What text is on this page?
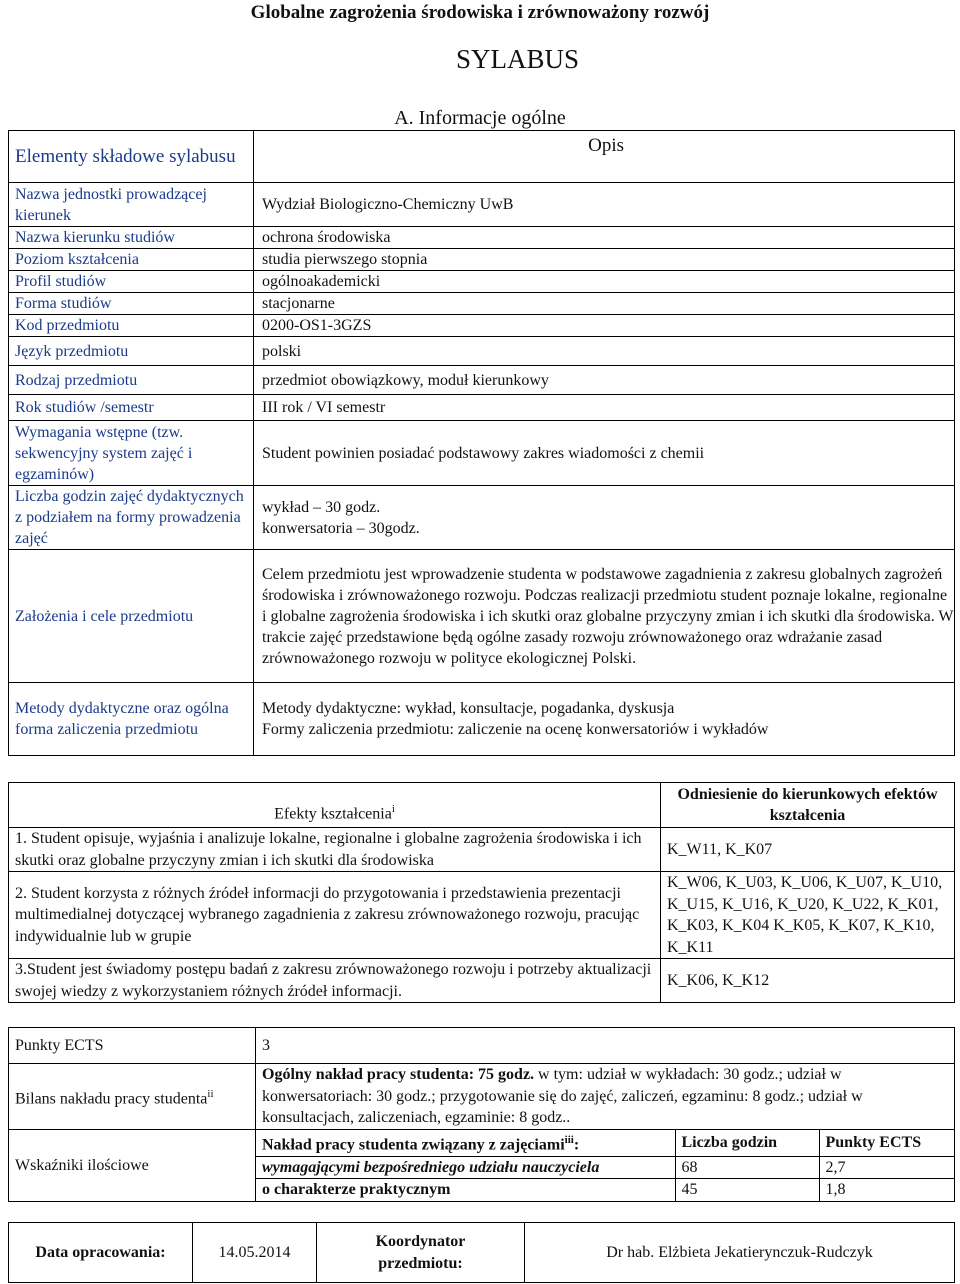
Globalne zagrożenia środowiska i zrównoważony rozwój
SYLABUS
A. Informacje ogólne
Elementy składowe sylabusu	Opis
Nazwa jednostki prowadzącej kierunek	Wydział Biologiczno-Chemiczny UwB
Nazwa kierunku studiów	ochrona środowiska
Poziom kształcenia	studia pierwszego stopnia
Profil studiów	ogólnoakademicki
Forma studiów	stacjonarne
Kod przedmiotu	0200-OS1-3GZS
Język przedmiotu	polski
Rodzaj przedmiotu	przedmiot obowiązkowy, moduł kierunkowy
Rok studiów /semestr	III rok / VI semestr
Wymagania wstępne (tzw. sekwencyjny system zajęć i egzaminów)	Student powinien posiadać podstawowy zakres wiadomości z chemii
Liczba godzin zajęć dydaktycznych z podziałem na formy prowadzenia zajęć	wykład – 30 godz.
konwersatoria – 30godz.

Założenia i cele przedmiotu	Celem przedmiotu jest wprowadzenie studenta w podstawowe zagadnienia z zakresu globalnych zagrożeń środowiska i zrównoważonego rozwoju. Podczas realizacji przedmiotu student poznaje lokalne, regionalne i globalne zagrożenia środowiska i ich skutki oraz globalne przyczyny zmian i ich skutki dla środowiska. W trakcie zajęć przedstawione będą ogólne zasady rozwoju zrównoważonego oraz wdrażanie zasad zrównoważonego rozwoju w polityce ekologicznej Polski.
Metody dydaktyczne oraz ogólna forma zaliczenia przedmiotu	Metody dydaktyczne: wykład, konsultacje, pogadanka, dyskusja
Formy zaliczenia przedmiotu: zaliczenie na ocenę konwersatoriów i wykładów
Efekty kształcenia$^i$	Odniesienie do kierunkowych efektów kształcenia
1. Student opisuje, wyjaśnia i analizuje lokalne, regionalne i globalne zagrożenia środowiska i ich skutki oraz globalne przyczyny zmian i ich skutki dla środowiska	K_W11, K_K07
2. Student korzysta z różnych źródeł informacji do przygotowania i przedstawienia prezentacji multimedialnej dotyczącej wybranego zagadnienia z zakresu zrównoważonego rozwoju, pracując indywidualnie lub w grupie	K_W06, K_U03, K_U06, K_U07, K_U10, K_U15, K_U16, K_U20, K_U22, K_K01, K_K03, K_K04 K_K05, K_K07, K_K10, K_K11
3.Student jest świadomy postępu badań z zakresu zrównoważonego rozwoju i potrzeby aktualizacji swojej wiedzy z wykorzystaniem różnych źródeł informacji.	K_K06, K_K12
Punkty ECTS	3
Bilans nakładu pracy studenta$^{ii}$	Ogólny nakład pracy studenta: 75 godz. w tym: udział w wykładach: 30 godz.; udział w konwersatoriach: 30 godz.; przygotowanie się do zajęć, zaliczeń, egzaminu: 8 godz.; udział w konsultacjach, zaliczeniach, egzaminie: 8 godz..
Wskaźniki ilościowe	
Nakład pracy studenta związany z zajęciami$^{iii}$:	Liczba godzin	Punkty ECTS
wymagającymi bezpośredniego udziału nauczyciela	68	2,7
o charakterze praktycznym	45	1,8
Data opracowania:	14.05.2014	Koordynator przedmiotu:	Dr hab. Elżbieta Jekatierynczuk-Rudczyk
